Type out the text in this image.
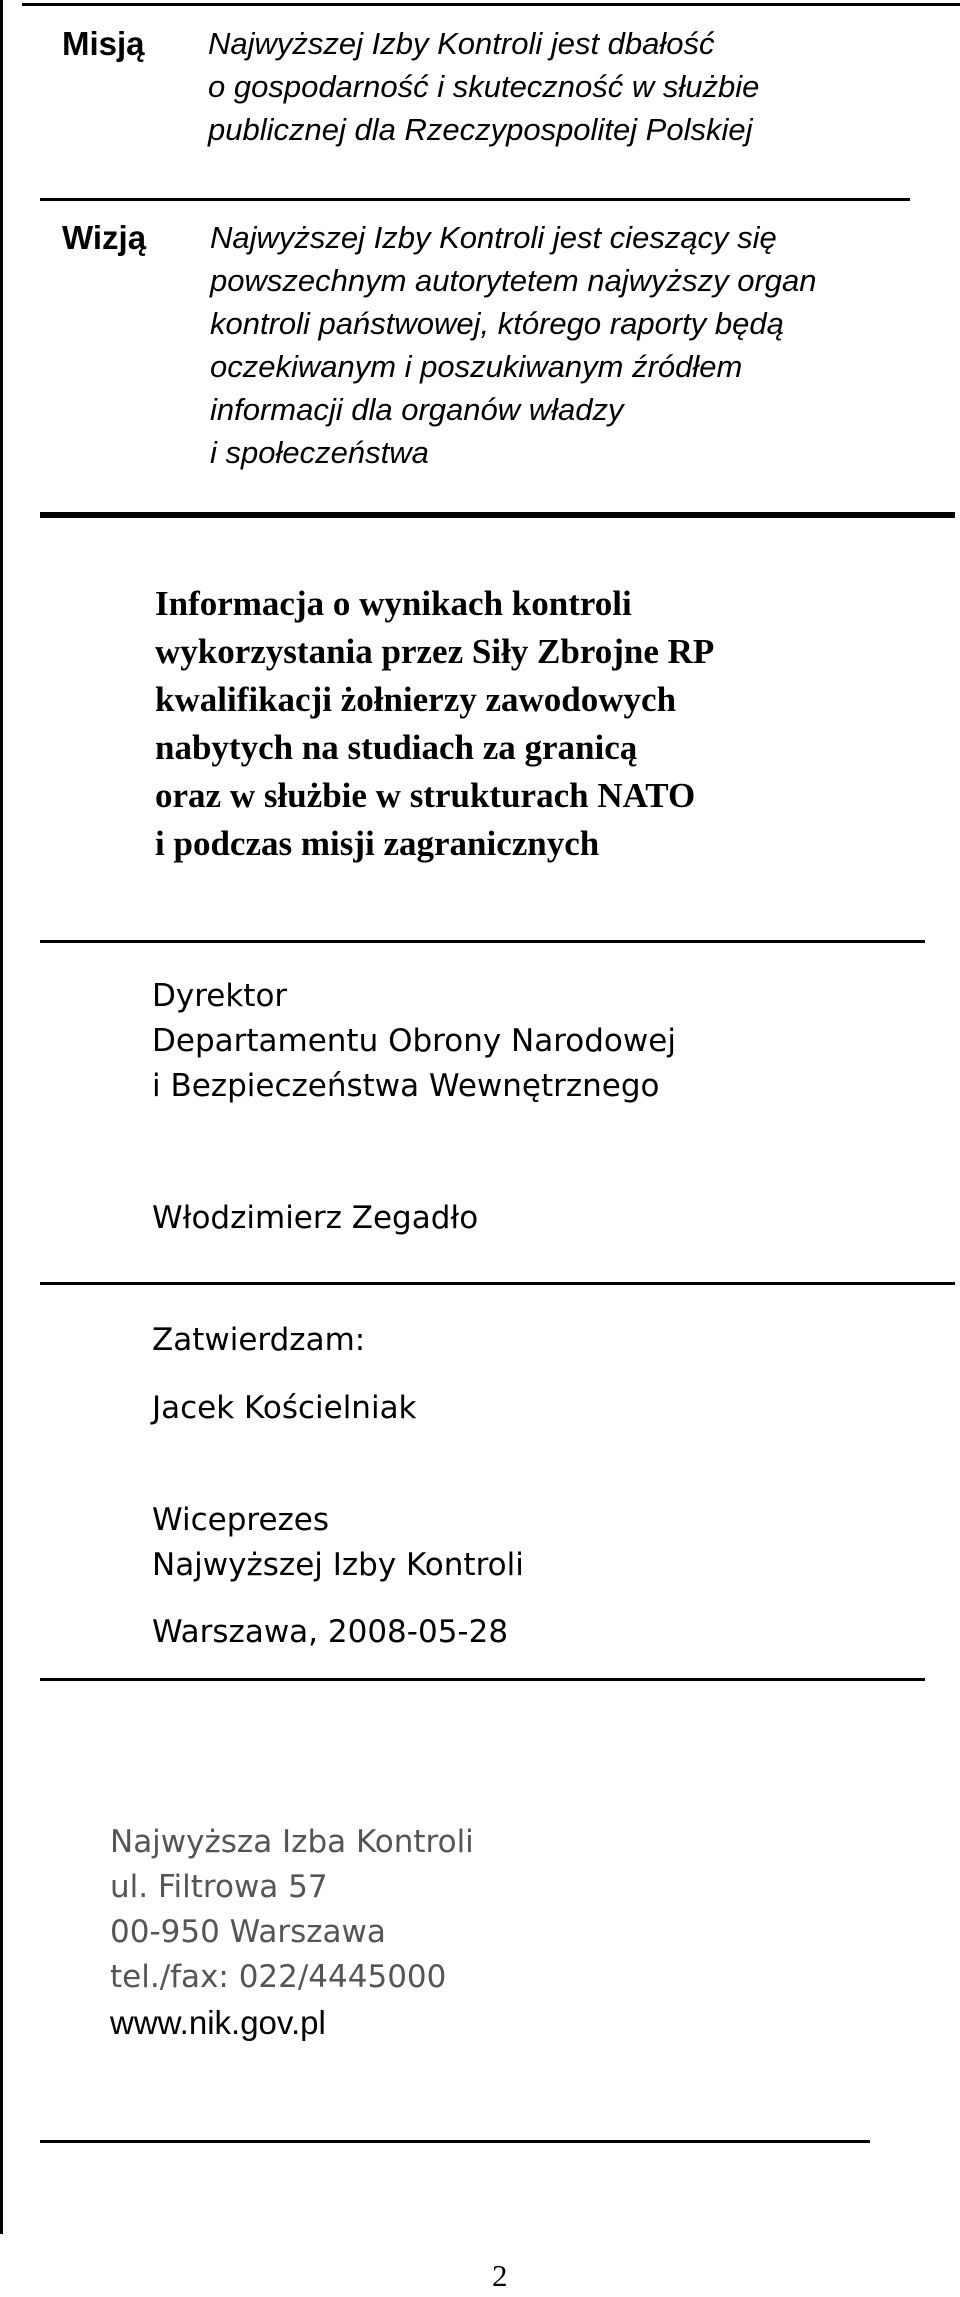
Misją Najwyższej Izby Kontroli jest dbałość
o gospodarność i skuteczność w służbie
publicznej dla Rzeczypospolitej Polskiej
Wizją Najwyższej Izby Kontroli jest cieszący się
powszechnym autorytetem najwyższy organ
kontroli państwowej, którego raporty będą
oczekiwanym i poszukiwanym źródłem
informacji dla organów władzy
i społeczeństwa
Informacja o wynikach kontroli
wykorzystania przez Siły Zbrojne RP
kwalifikacji żołnierzy zawodowych
nabytych na studiach za granicą
oraz w służbie w strukturach NATO
i podczas misji zagranicznych
Dyrektor
Departamentu Obrony Narodowej
i Bezpieczeństwa Wewnętrznego
Włodzimierz Zegadło
Zatwierdzam:
Jacek Kościelniak
Wiceprezes
Najwyższej Izby Kontroli
Warszawa, 2008-05-28
Najwyższa Izba Kontroli
ul. Filtrowa 57
00-950 Warszawa
tel./fax: 022/4445000
www.nik.gov.pl
2
